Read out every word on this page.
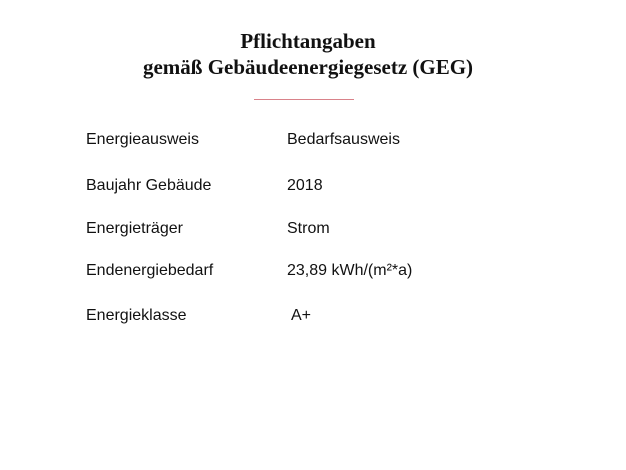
Pflichtangaben
gemäß Gebäudeenergiegesetz (GEG)
Energieausweis	Bedarfsausweis
Baujahr Gebäude	2018
Energieträger	Strom
Endenergiebedarf	23,89 kWh/(m²*a)
Energieklasse	A+
